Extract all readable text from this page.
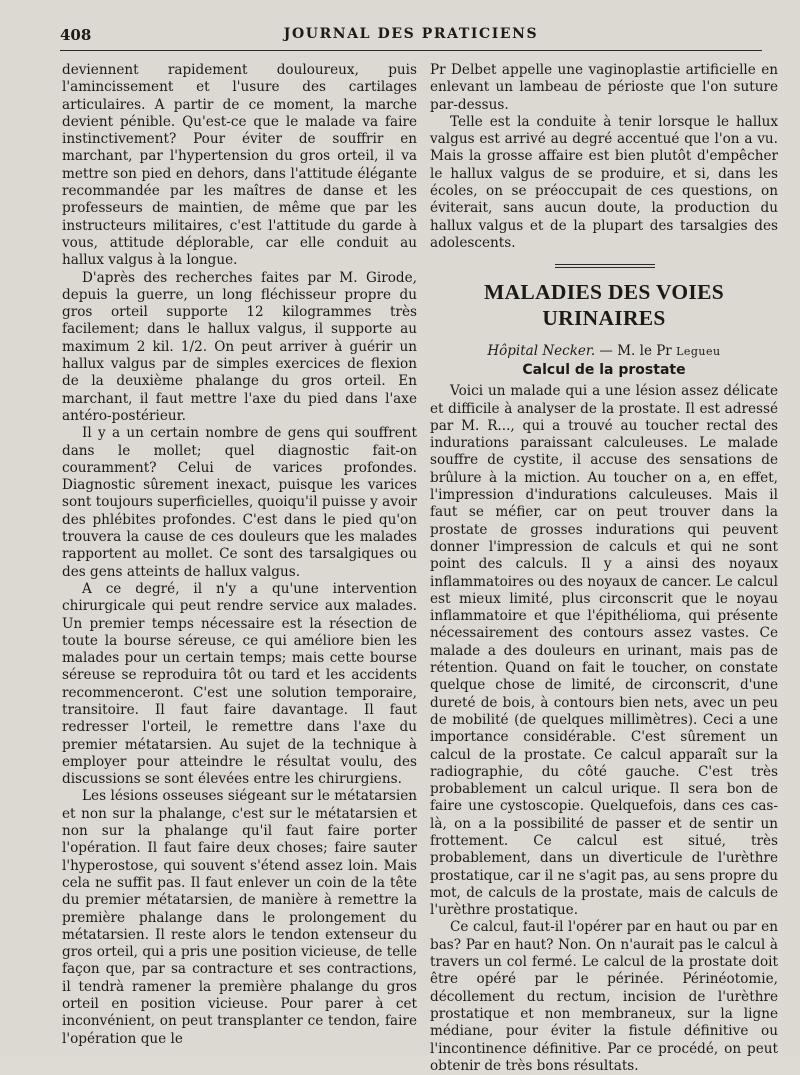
408	JOURNAL DES PRATICIENS

deviennent rapidement douloureux, puis l'amincissement et l'usure des cartilages articulaires. A partir de ce moment, la marche devient pénible. Qu'est-ce que le malade va faire instinctivement? Pour éviter de souffrir en marchant, par l'hypertension du gros orteil, il va mettre son pied en dehors, dans l'attitude élégante recommandée par les maîtres de danse et les professeurs de maintien, de même que par les instructeurs militaires, c'est l'attitude du garde à vous, attitude déplorable, car elle conduit au hallux valgus à la longue.

D'après des recherches faites par M. Girode, depuis la guerre, un long fléchisseur propre du gros orteil supporte 12 kilogrammes très facilement; dans le hallux valgus, il supporte au maximum 2 kil. 1/2. On peut arriver à guérir un hallux valgus par de simples exercices de flexion de la deuxième phalange du gros orteil. En marchant, il faut mettre l'axe du pied dans l'axe antéro-postérieur.

Il y a un certain nombre de gens qui souffrent dans le mollet; quel diagnostic fait-on couramment? Celui de varices profondes. Diagnostic sûrement inexact, puisque les varices sont toujours superficielles, quoiqu'il puisse y avoir des phlébites profondes. C'est dans le pied qu'on trouvera la cause de ces douleurs que les malades rapportent au mollet. Ce sont des tarsalgiques ou des gens atteints de hallux valgus.

A ce degré, il n'y a qu'une intervention chirurgicale qui peut rendre service aux malades. Un premier temps nécessaire est la résection de toute la bourse séreuse, ce qui améliore bien les malades pour un certain temps; mais cette bourse séreuse se reproduira tôt ou tard et les accidents recommenceront. C'est une solution temporaire, transitoire. Il faut faire davantage. Il faut redresser l'orteil, le remettre dans l'axe du premier métatarsien. Au sujet de la technique à employer pour atteindre le résultat voulu, des discussions se sont élevées entre les chirurgiens.

Les lésions osseuses siégeant sur le métatarsien et non sur la phalange, c'est sur le métatarsien et non sur la phalange qu'il faut faire porter l'opération. Il faut faire deux choses; faire sauter l'hyperostose, qui souvent s'étend assez loin. Mais cela ne suffit pas. Il faut enlever un coin de la tête du premier métatarsien, de manière à remettre la première phalange dans le prolongement du métatarsien. Il reste alors le tendon extenseur du gros orteil, qui a pris une position vicieuse, de telle façon que, par sa contracture et ses contractions, il tendrà ramener la première phalange du gros orteil en position vicieuse. Pour parer à cet inconvénient, on peut transplanter ce tendon, faire l'opération que le

Pr Delbet appelle une vaginoplastie artificielle en enlevant un lambeau de périoste que l'on suture par-dessus.

Telle est la conduite à tenir lorsque le hallux valgus est arrivé au degré accentué que l'on a vu. Mais la grosse affaire est bien plutôt d'empêcher le hallux valgus de se produire, et si, dans les écoles, on se préoccupait de ces questions, on éviterait, sans aucun doute, la production du hallux valgus et de la plupart des tarsalgies des adolescents.

MALADIES DES VOIES URINAIRES
Hôpital Necker. — M. le Pr Legueu
Calcul de la prostate

Voici un malade qui a une lésion assez délicate et difficile à analyser de la prostate. Il est adressé par M. R..., qui a trouvé au toucher rectal des indurations paraissant calculeuses. Le malade souffre de cystite, il accuse des sensations de brûlure à la miction. Au toucher on a, en effet, l'impression d'indurations calculeuses. Mais il faut se méfier, car on peut trouver dans la prostate de grosses indurations qui peuvent donner l'impression de calculs et qui ne sont point des calculs. Il y a ainsi des noyaux inflammatoires ou des noyaux de cancer. Le calcul est mieux limité, plus circonscrit que le noyau inflammatoire et que l'épithélioma, qui présente nécessairement des contours assez vastes. Ce malade a des douleurs en urinant, mais pas de rétention. Quand on fait le toucher, on constate quelque chose de limité, de circonscrit, d'une dureté de bois, à contours bien nets, avec un peu de mobilité (de quelques millimètres). Ceci a une importance considérable. C'est sûrement un calcul de la prostate. Ce calcul apparaît sur la radiographie, du côté gauche. C'est très probablement un calcul urique. Il sera bon de faire une cystoscopie. Quelquefois, dans ces cas-là, on a la possibilité de passer et de sentir un frottement. Ce calcul est situé, très probablement, dans un diverticule de l'urèthre prostatique, car il ne s'agit pas, au sens propre du mot, de calculs de la prostate, mais de calculs de l'urèthre prostatique.

Ce calcul, faut-il l'opérer par en haut ou par en bas? Par en haut? Non. On n'aurait pas le calcul à travers un col fermé. Le calcul de la prostate doit être opéré par le périnée. Périnéotomie, décollement du rectum, incision de l'urèthre prostatique et non membraneux, sur la ligne médiane, pour éviter la fistule définitive ou l'incontinence définitive. Par ce procédé, on peut obtenir de très bons résultats.
